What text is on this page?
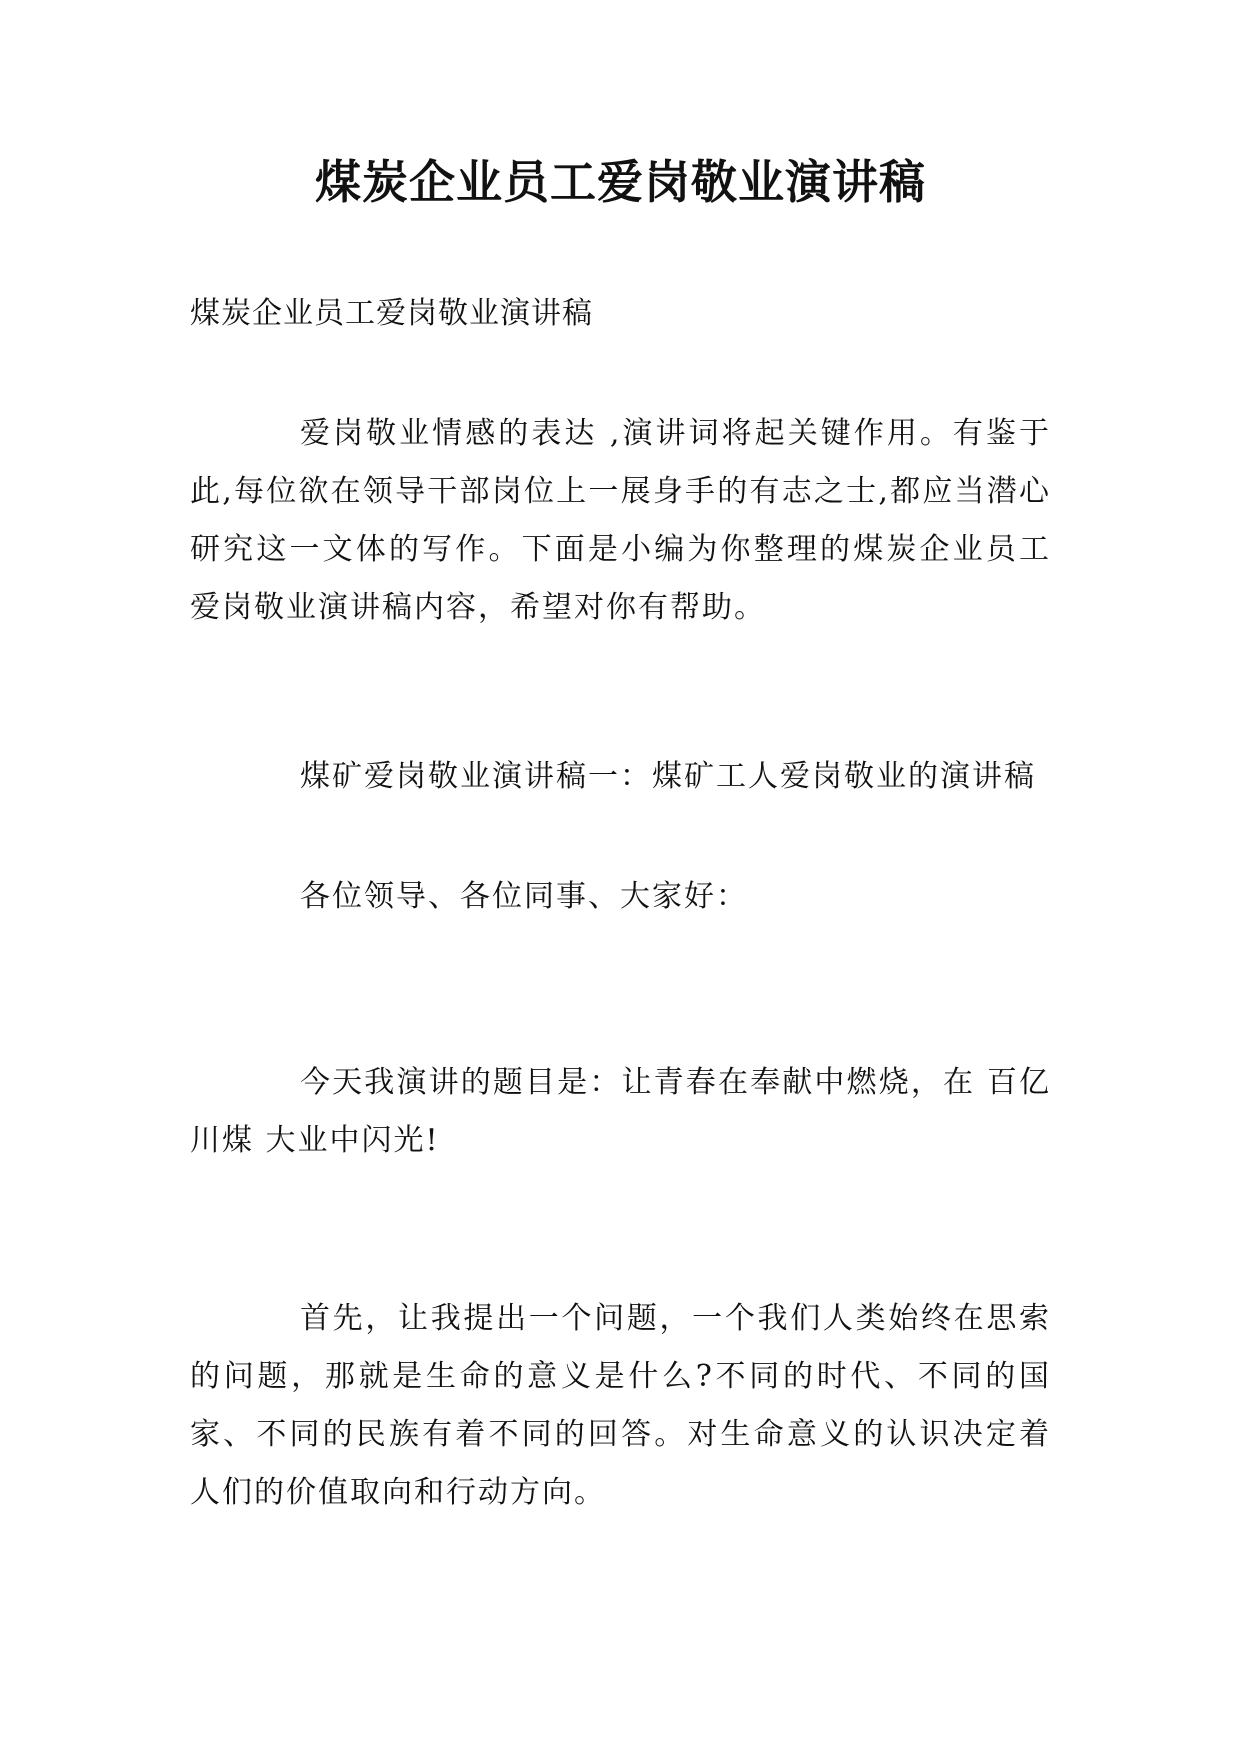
煤炭企业员工爱岗敬业演讲稿
煤炭企业员工爱岗敬业演讲稿

爱岗敬业情感的表达 ,演讲词将起关键作用。有鉴于此,每位欲在领导干部岗位上一展身手的有志之士,都应当潜心研究这一文体的写作。下面是小编为你整理的煤炭企业员工爱岗敬业演讲稿内容，希望对你有帮助。

煤矿爱岗敬业演讲稿一：煤矿工人爱岗敬业的演讲稿

各位领导、各位同事、大家好：

今天我演讲的题目是：让青春在奉献中燃烧，在 百亿川煤 大业中闪光!

首先，让我提出一个问题，一个我们人类始终在思索的问题，那就是生命的意义是什么?不同的时代、不同的国家、不同的民族有着不同的回答。对生命意义的认识决定着人们的价值取向和行动方向。
